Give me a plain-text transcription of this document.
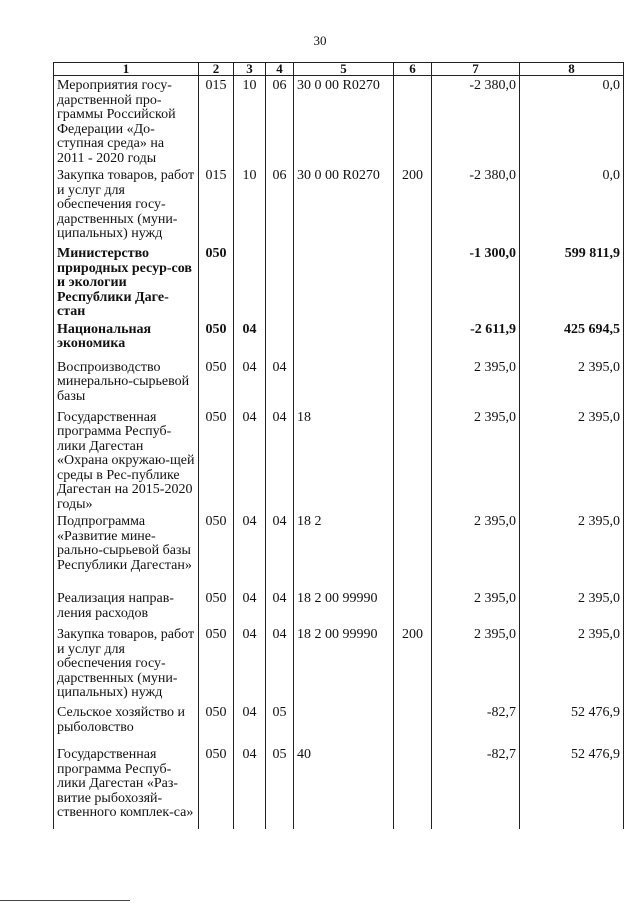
30
1	2	3	4	5	6	7	8
Мероприятия госу-дарственной про-граммы Российской Федерации «До-ступная среда» на 2011 - 2020 годы	015	10	06	30 0 00 R0270		-2 380,0	0,0
Закупка товаров, работ и услуг для обеспечения госу-дарственных (муни-ципальных) нужд	015	10	06	30 0 00 R0270	200	-2 380,0	0,0
Министерство природных ресур-сов и экологии Республики Даге-стан	050					-1 300,0	599 811,9
Национальная экономика	050	04				-2 611,9	425 694,5
Воспроизводство минерально-сырьевой базы	050	04	04			2 395,0	2 395,0
Государственная программа Респуб-лики Дагестан «Охрана окружаю-щей среды в Рес-публике Дагестан на 2015-2020 годы»	050	04	04	18		2 395,0	2 395,0
Подпрограмма «Развитие мине-рально-сырьевой базы Республики Дагестан»	050	04	04	18 2		2 395,0	2 395,0
Реализация направ-ления расходов	050	04	04	18 2 00 99990		2 395,0	2 395,0
Закупка товаров, работ и услуг для обеспечения госу-дарственных (муни-ципальных) нужд	050	04	04	18 2 00 99990	200	2 395,0	2 395,0
Сельское хозяйство и рыболовство	050	04	05			-82,7	52 476,9
Государственная программа Респуб-лики Дагестан «Раз-витие рыбохозяй-ственного комплек-са»	050	04	05	40		-82,7	52 476,9
